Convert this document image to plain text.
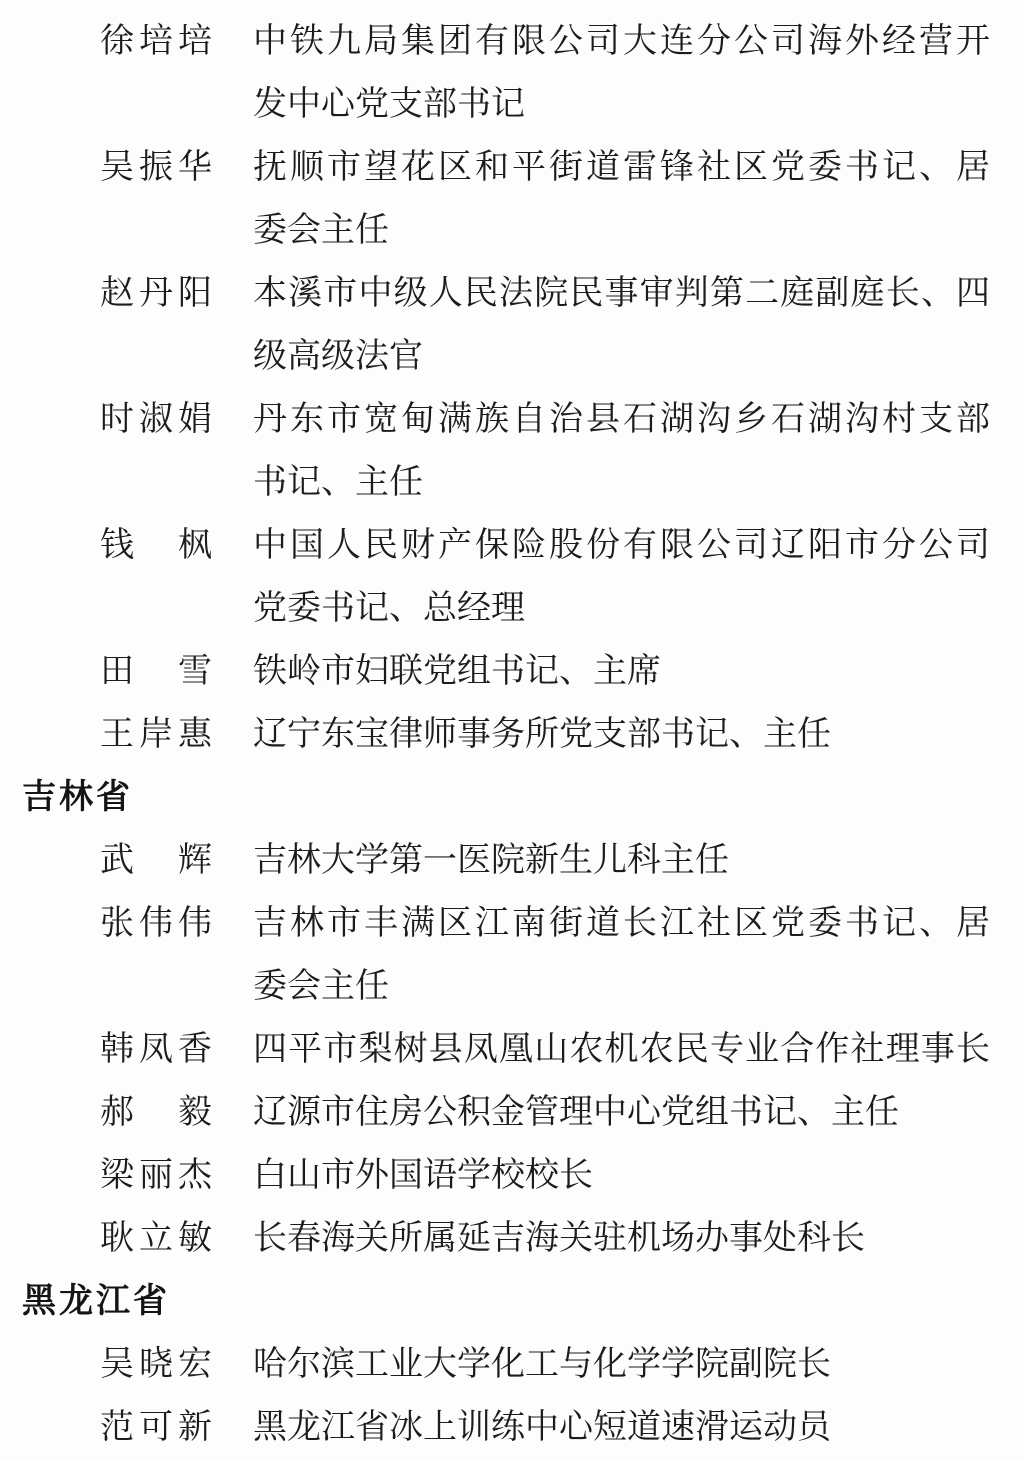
徐培培 中铁九局集团有限公司大连分公司海外经营开
发中心党支部书记
吴振华 抚顺市望花区和平街道雷锋社区党委书记、居
委会主任
赵丹阳 本溪市中级人民法院民事审判第二庭副庭长、四
级高级法官
时淑娟 丹东市宽甸满族自治县石湖沟乡石湖沟村支部
书记、主任
钱枫 中国人民财产保险股份有限公司辽阳市分公司
党委书记、总经理
田雪 铁岭市妇联党组书记、主席
王岸惠 辽宁东宝律师事务所党支部书记、主任
吉林省
武辉 吉林大学第一医院新生儿科主任
张伟伟 吉林市丰满区江南街道长江社区党委书记、居
委会主任
韩凤香 四平市梨树县凤凰山农机农民专业合作社理事长
郝毅 辽源市住房公积金管理中心党组书记、主任
梁丽杰 白山市外国语学校校长
耿立敏 长春海关所属延吉海关驻机场办事处科长
黑龙江省
吴晓宏 哈尔滨工业大学化工与化学学院副院长
范可新 黑龙江省冰上训练中心短道速滑运动员
